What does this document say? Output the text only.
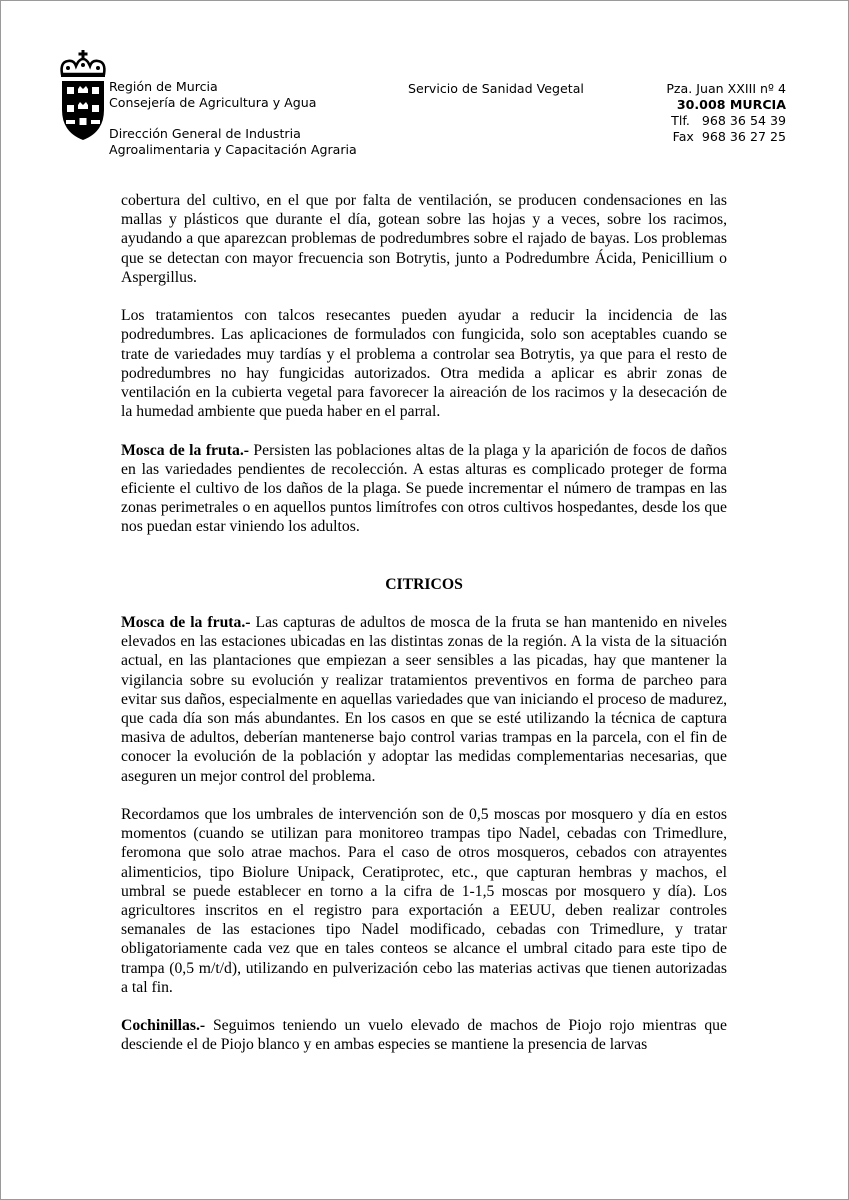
Región de Murcia
Consejería de Agricultura y Agua
Dirección General de Industria
Agroalimentaria y Capacitación Agraria
Servicio de Sanidad Vegetal	Pza. Juan XXIII nº 4
30.008 MURCIA
Tlf.   968 36 54 39
Fax  968 36 27 25

cobertura del cultivo, en el que por falta de ventilación, se producen condensaciones en las mallas y plásticos que durante el día, gotean sobre las hojas y a veces, sobre los racimos, ayudando a que aparezcan problemas de podredumbres sobre el rajado de bayas. Los problemas que se detectan con mayor frecuencia son Botrytis, junto a Podredumbre Ácida, Penicillium o Aspergillus.

Los tratamientos con talcos resecantes pueden ayudar a reducir la incidencia de las podredumbres. Las aplicaciones de formulados con fungicida, solo son aceptables cuando se trate de variedades muy tardías y el problema a controlar sea Botrytis, ya que para el resto de podredumbres no hay fungicidas autorizados. Otra medida a aplicar es abrir zonas de ventilación en la cubierta vegetal para favorecer la aireación de los racimos y la desecación de la humedad ambiente que pueda haber en el parral.

Mosca de la fruta.- Persisten las poblaciones altas de la plaga y la aparición de focos de daños en las variedades pendientes de recolección. A estas alturas es complicado proteger de forma eficiente el cultivo de los daños de la plaga. Se puede incrementar el número de trampas en las zonas perimetrales o en aquellos puntos limítrofes con otros cultivos hospedantes, desde los que nos puedan estar viniendo los adultos.

CITRICOS

Mosca de la fruta.- Las capturas de adultos de mosca de la fruta se han mantenido en niveles elevados en las estaciones ubicadas en las distintas zonas de la región. A la vista de la situación actual, en las plantaciones que empiezan a seer sensibles a las picadas, hay que mantener la vigilancia sobre su evolución y realizar tratamientos preventivos en forma de parcheo para evitar sus daños, especialmente en aquellas variedades que van iniciando el proceso de madurez, que cada día son más abundantes. En los casos en que se esté utilizando la técnica de captura masiva de adultos, deberían mantenerse bajo control varias trampas en la parcela, con el fin de conocer la evolución de la población y adoptar las medidas complementarias necesarias, que aseguren un mejor control del problema.

Recordamos que los umbrales de intervención son de 0,5 moscas por mosquero y día en estos momentos (cuando se utilizan para monitoreo trampas tipo Nadel, cebadas con Trimedlure, feromona que solo atrae machos. Para el caso de otros mosqueros, cebados con atrayentes alimenticios, tipo Biolure Unipack, Ceratiprotec, etc., que capturan hembras y machos, el umbral se puede establecer en torno a la cifra de 1-1,5 moscas por mosquero y día). Los agricultores inscritos en el registro para exportación a EEUU, deben realizar controles semanales de las estaciones tipo Nadel modificado, cebadas con Trimedlure, y tratar obligatoriamente cada vez que en tales conteos se alcance el umbral citado para este tipo de trampa (0,5 m/t/d), utilizando en pulverización cebo las materias activas que tienen autorizadas a tal fin.

Cochinillas.- Seguimos teniendo un vuelo elevado de machos de Piojo rojo mientras que desciende el de Piojo blanco y en ambas especies se mantiene la presencia de larvas
